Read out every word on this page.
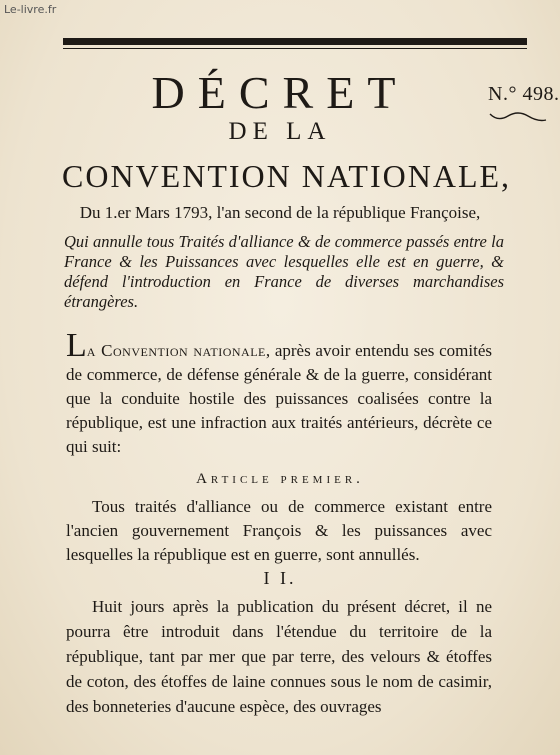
Le-livre.fr
N.° 498.
DÉCRET
DE LA
CONVENTION NATIONALE,
Du 1.er Mars 1793, l'an second de la république Françoise,
Qui annulle tous Traités d'alliance & de commerce passés entre la France & les Puissances avec lesquelles elle est en guerre, & défend l'introduction en France de diverses marchandises étrangères.
La Convention nationale, après avoir entendu ses comités de commerce, de défense générale & de la guerre, considérant que la conduite hostile des puissances coalisées contre la république, est une infraction aux traités antérieurs, décrète ce qui suit:
Article premier.
Tous traités d'alliance ou de commerce existant entre l'ancien gouvernement François & les puissances avec lesquelles la république est en guerre, sont annullés.
I I.
Huit jours après la publication du présent décret, il ne pourra être introduit dans l'étendue du territoire de la république, tant par mer que par terre, des velours & étoffes de coton, des étoffes de laine connues sous le nom de casimir, des bonneteries d'aucune espèce, des ouvrages
